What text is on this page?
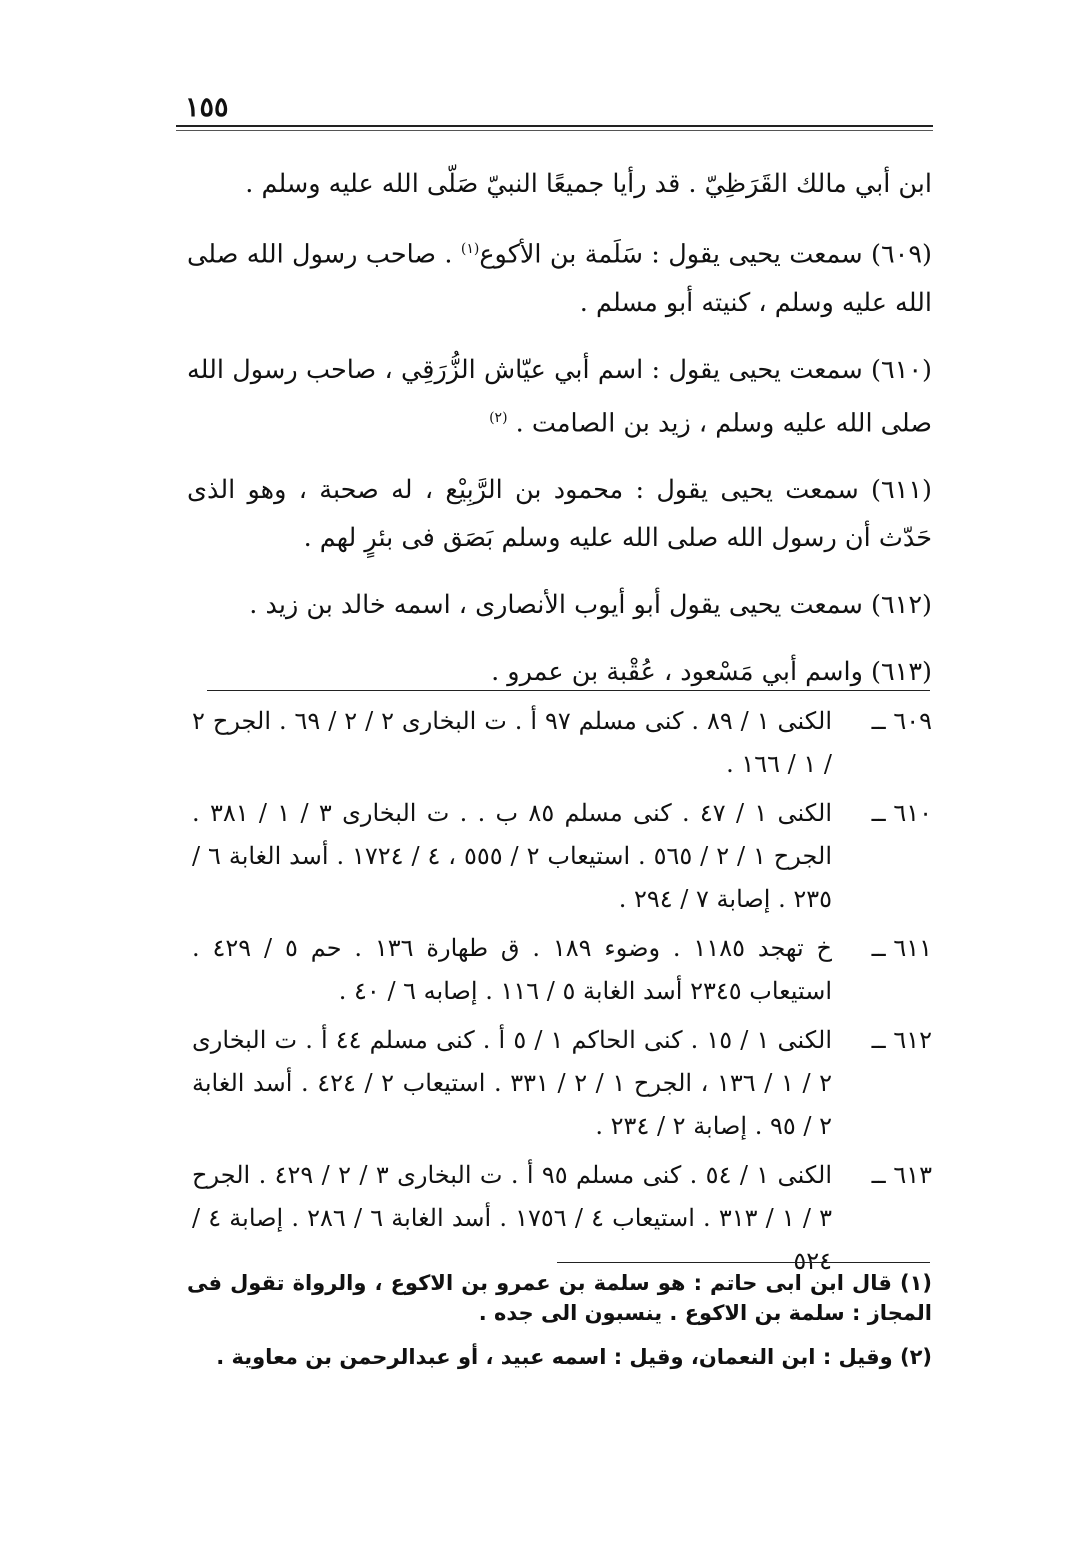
١٥٥

ابن أبي مالك القَرَظِيّ . قد رأيا جميعًا النبيّ صَلّى الله عليه وسلم .

(٦٠٩) سمعت يحيى يقول : سَلَمة بن الأكوع$^{(١)}$ . صاحب رسول الله صلى الله عليه وسلم ، كنيته أبو مسلم .

(٦١٠) سمعت يحيى يقول : اسم أبي عيّاش الزُّرَقِي ، صاحب رسول الله صلى الله عليه وسلم ، زيد بن الصامت . $^{(٢)}$

(٦١١) سمعت يحيى يقول : محمود بن الرَّبِيْع ، له صحبة ، وهو الذى حَدّث أن رسول الله صلى الله عليه وسلم بَصَق فى بئرٍ لهم .

(٦١٢) سمعت يحيى يقول أبو أيوب الأنصارى ، اسمه خالد بن زيد .

(٦١٣) واسم أبي مَسْعود ، عُقْبة بن عمرو .

٦٠٩ ــ
الكنى ١ / ٨٩ . كنى مسلم ٩٧ أ . ت البخارى ٢ / ٢ / ٦٩ . الجرح ٢ / ١ / ١٦٦ .
٦١٠ ــ
الكنى ١ / ٤٧ . كنى مسلم ٨٥ ب . . ت البخارى ٣ / ١ / ٣٨١ . الجرح ١ / ٢ / ٥٦٥ . استيعاب ٢ / ٥٥٥ ، ٤ / ١٧٢٤ . أسد الغابة ٦ / ٢٣٥ . إصابة ٧ / ٢٩٤ .
٦١١ ــ
خ تهجد ١١٨٥ . وضوء ١٨٩ . ق طهارة ١٣٦ . حم ٥ / ٤٢٩ . استيعاب ٢٣٤٥ أسد الغابة ٥ / ١١٦ . إصابه ٦ / ٤٠ .
٦١٢ ــ
الكنى ١ / ١٥ . كنى الحاكم ١ / ٥ أ . كنى مسلم ٤٤ أ . ت البخارى ٢ / ١ / ١٣٦ ، الجرح ١ / ٢ / ٣٣١ . استيعاب ٢ / ٤٢٤ . أسد الغابة ٢ / ٩٥ . إصابة ٢ / ٢٣٤ .
٦١٣ ــ
الكنى ١ / ٥٤ . كنى مسلم ٩٥ أ . ت البخارى ٣ / ٢ / ٤٢٩ . الجرح ٣ / ١ / ٣١٣ . استيعاب ٤ / ١٧٥٦ . أسد الغابة ٦ / ٢٨٦ . إصابة ٤ / ٥٢٤

(١) قال ابن ابى حاتم : هو سلمة بن عمرو بن الاكوع ، والرواة تقول فى المجاز : سلمة بن الاكوع . ينسبون الى جده .

(٢) وقيل : ابن النعمان، وقيل : اسمه عبيد ، أو عبدالرحمن بن معاوية .
